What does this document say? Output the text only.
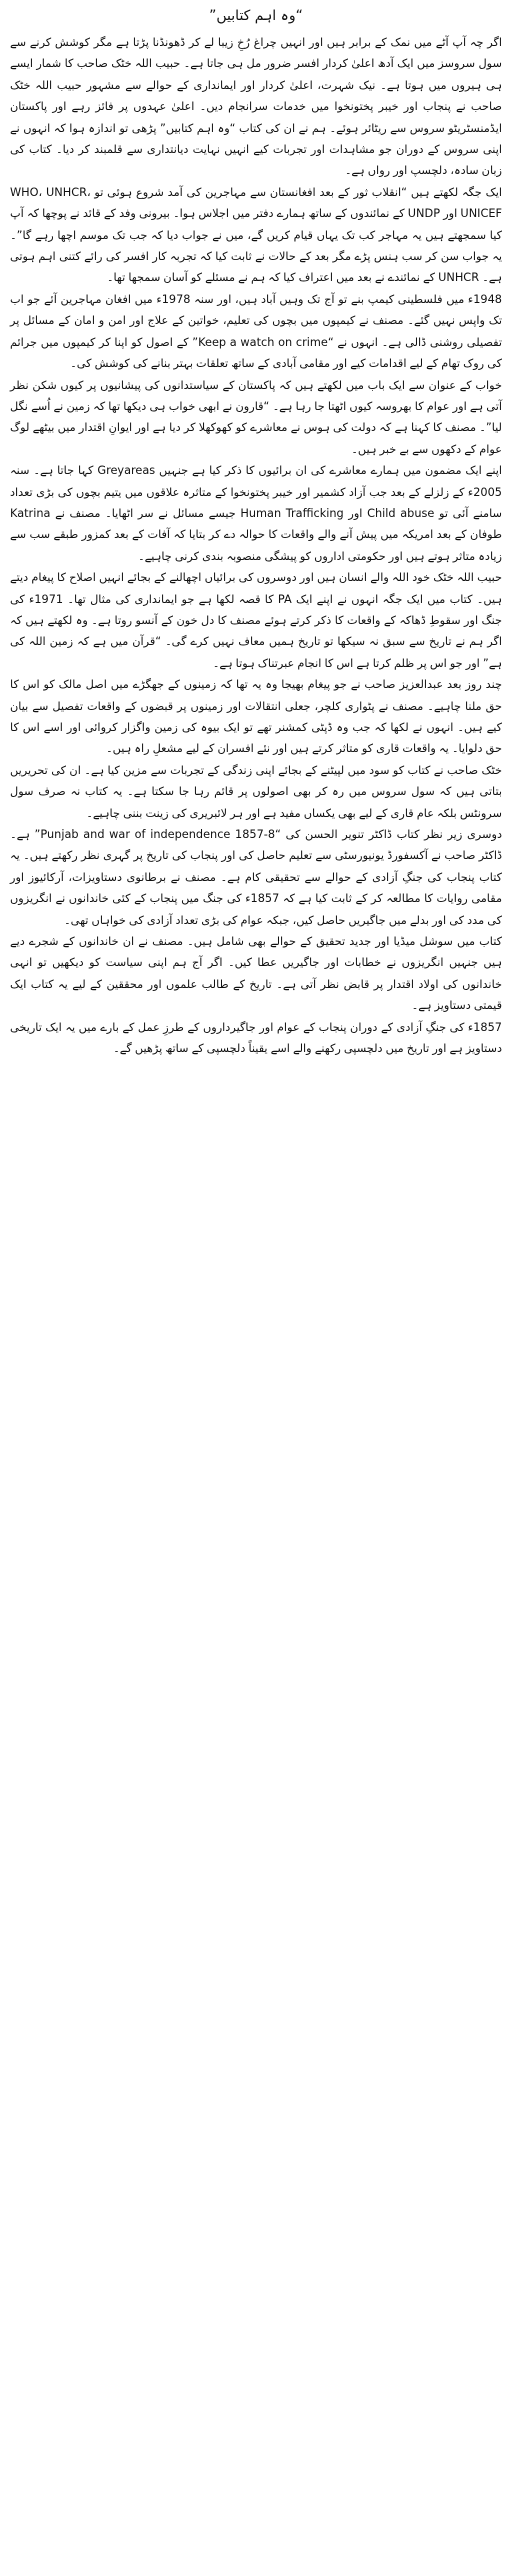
“وہ اہم کتابیں”

اگر چہ آپ آٹے میں نمک کے برابر ہیں اور انہیں چراغ رُخِ زیبا لے کر ڈھونڈنا پڑتا ہے مگر کوشش کرنے سے سول سروسز میں ایک آدھ اعلیٰ کردار افسر ضرور مل ہی جاتا ہے۔ حبیب اللہ خٹک صاحب کا شمار ایسے ہی ہیروں میں ہوتا ہے۔ نیک شہرت، اعلیٰ کردار اور ایمانداری کے حوالے سے مشہور حبیب اللہ خٹک صاحب نے پنجاب اور خیبر پختونخوا میں خدمات سرانجام دیں۔ اعلیٰ عہدوں پر فائز رہے اور پاکستان ایڈمنسٹریٹو سروس سے ریٹائر ہوئے۔ ہم نے ان کی کتاب “وہ اہم کتابیں” پڑھی تو اندازہ ہوا کہ انہوں نے اپنی سروس کے دوران جو مشاہدات اور تجربات کیے انہیں نہایت دیانتداری سے قلمبند کر دیا۔ کتاب کی زبان سادہ، دلچسپ اور رواں ہے۔

ایک جگہ لکھتے ہیں “انقلاب ثور کے بعد افغانستان سے مہاجرین کی آمد شروع ہوئی تو WHO، UNHCR، UNICEF اور UNDP کے نمائندوں کے ساتھ ہمارے دفتر میں اجلاس ہوا۔ بیرونی وفد کے قائد نے پوچھا کہ آپ کیا سمجھتے ہیں یہ مہاجر کب تک یہاں قیام کریں گے، میں نے جواب دیا کہ جب تک موسم اچھا رہے گا”۔ یہ جواب سن کر سب ہنس پڑے مگر بعد کے حالات نے ثابت کیا کہ تجربہ کار افسر کی رائے کتنی اہم ہوتی ہے۔ UNHCR کے نمائندے نے بعد میں اعتراف کیا کہ ہم نے مسئلے کو آسان سمجھا تھا۔

1948ء میں فلسطینی کیمپ بنے تو آج تک وہیں آباد ہیں، اور سنہ 1978ء میں افغان مہاجرین آئے جو اب تک واپس نہیں گئے۔ مصنف نے کیمپوں میں بچوں کی تعلیم، خواتین کے علاج اور امن و امان کے مسائل پر تفصیلی روشنی ڈالی ہے۔ انہوں نے “Keep a watch on crime” کے اصول کو اپنا کر کیمپوں میں جرائم کی روک تھام کے لیے اقدامات کیے اور مقامی آبادی کے ساتھ تعلقات بہتر بنانے کی کوشش کی۔

خواب کے عنوان سے ایک باب میں لکھتے ہیں کہ پاکستان کے سیاستدانوں کی پیشانیوں پر کیوں شکن نظر آتی ہے اور عوام کا بھروسہ کیوں اٹھتا جا رہا ہے۔ “قارون نے ابھی خواب ہی دیکھا تھا کہ زمین نے اُسے نگل لیا”۔ مصنف کا کہنا ہے کہ دولت کی ہوس نے معاشرے کو کھوکھلا کر دیا ہے اور ایوانِ اقتدار میں بیٹھے لوگ عوام کے دکھوں سے بے خبر ہیں۔

اپنے ایک مضمون میں ہمارے معاشرے کی ان برائیوں کا ذکر کیا ہے جنہیں Greyareas کہا جاتا ہے۔ سنہ 2005ء کے زلزلے کے بعد جب آزاد کشمیر اور خیبر پختونخوا کے متاثرہ علاقوں میں یتیم بچوں کی بڑی تعداد سامنے آئی تو Child abuse اور Human Trafficking جیسے مسائل نے سر اٹھایا۔ مصنف نے Katrina طوفان کے بعد امریکہ میں پیش آنے والے واقعات کا حوالہ دے کر بتایا کہ آفات کے بعد کمزور طبقے سب سے زیادہ متاثر ہوتے ہیں اور حکومتی اداروں کو پیشگی منصوبہ بندی کرنی چاہیے۔

حبیب اللہ خٹک خود اللہ والے انسان ہیں اور دوسروں کی برائیاں اچھالنے کے بجائے انہیں اصلاح کا پیغام دیتے ہیں۔ کتاب میں ایک جگہ انہوں نے اپنے ایک PA کا قصہ لکھا ہے جو ایمانداری کی مثال تھا۔ 1971ء کی جنگ اور سقوطِ ڈھاکہ کے واقعات کا ذکر کرتے ہوئے مصنف کا دل خون کے آنسو روتا ہے۔ وہ لکھتے ہیں کہ اگر ہم نے تاریخ سے سبق نہ سیکھا تو تاریخ ہمیں معاف نہیں کرے گی۔ “قرآن میں ہے کہ زمین اللہ کی ہے” اور جو اس پر ظلم کرتا ہے اس کا انجام عبرتناک ہوتا ہے۔

چند روز بعد عبدالعزیز صاحب نے جو پیغام بھیجا وہ یہ تھا کہ زمینوں کے جھگڑے میں اصل مالک کو اس کا حق ملنا چاہیے۔ مصنف نے پٹواری کلچر، جعلی انتقالات اور زمینوں پر قبضوں کے واقعات تفصیل سے بیان کیے ہیں۔ انہوں نے لکھا کہ جب وہ ڈپٹی کمشنر تھے تو ایک بیوہ کی زمین واگزار کروائی اور اسے اس کا حق دلوایا۔ یہ واقعات قاری کو متاثر کرتے ہیں اور نئے افسران کے لیے مشعلِ راہ ہیں۔

خٹک صاحب نے کتاب کو سود میں لپیٹنے کے بجائے اپنی زندگی کے تجربات سے مزین کیا ہے۔ ان کی تحریریں بتاتی ہیں کہ سول سروس میں رہ کر بھی اصولوں پر قائم رہا جا سکتا ہے۔ یہ کتاب نہ صرف سول سرونٹس بلکہ عام قاری کے لیے بھی یکساں مفید ہے اور ہر لائبریری کی زینت بننی چاہیے۔

دوسری زیر نظر کتاب ڈاکٹر تنویر الحسن کی “Punjab and war of independence 1857-8” ہے۔ ڈاکٹر صاحب نے آکسفورڈ یونیورسٹی سے تعلیم حاصل کی اور پنجاب کی تاریخ پر گہری نظر رکھتے ہیں۔ یہ کتاب پنجاب کی جنگِ آزادی کے حوالے سے تحقیقی کام ہے۔ مصنف نے برطانوی دستاویزات، آرکائیوز اور مقامی روایات کا مطالعہ کر کے ثابت کیا ہے کہ 1857ء کی جنگ میں پنجاب کے کئی خاندانوں نے انگریزوں کی مدد کی اور بدلے میں جاگیریں حاصل کیں، جبکہ عوام کی بڑی تعداد آزادی کی خواہاں تھی۔

کتاب میں سوشل میڈیا اور جدید تحقیق کے حوالے بھی شامل ہیں۔ مصنف نے ان خاندانوں کے شجرے دیے ہیں جنہیں انگریزوں نے خطابات اور جاگیریں عطا کیں۔ اگر آج ہم اپنی سیاست کو دیکھیں تو انہی خاندانوں کی اولاد اقتدار پر قابض نظر آتی ہے۔ تاریخ کے طالب علموں اور محققین کے لیے یہ کتاب ایک قیمتی دستاویز ہے۔

1857ء کی جنگِ آزادی کے دوران پنجاب کے عوام اور جاگیرداروں کے طرزِ عمل کے بارے میں یہ ایک تاریخی دستاویز ہے اور تاریخ میں دلچسپی رکھنے والے اسے یقیناً دلچسپی کے ساتھ پڑھیں گے۔
